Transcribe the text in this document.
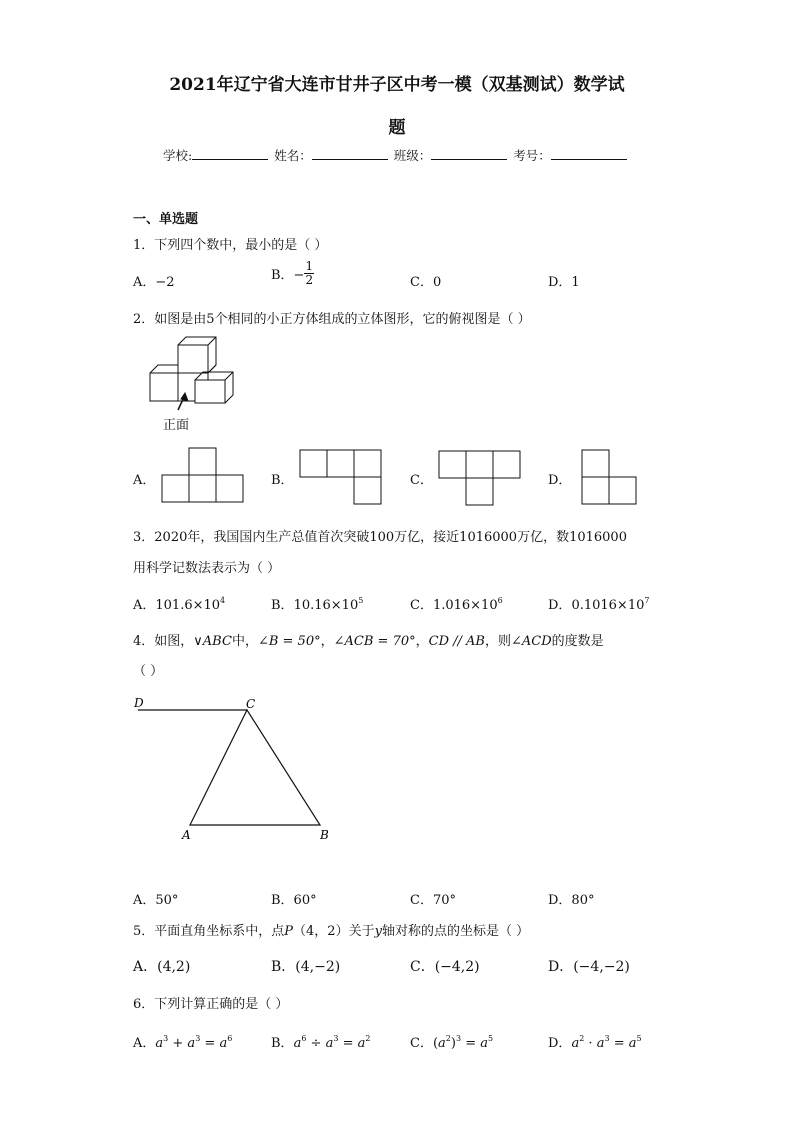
2021年辽宁省大连市甘井子区中考一模（双基测试）数学试
题
学校:	姓名：	班级：	考号：
一、单选题
1．下列四个数中，最小的是（ ）
A．−2	B．− $\frac{1}{2}$	C．0	D．1
2．如图是由5个相同的小正方体组成的立体图形，它的俯视图是（ ）
正面
A．	B．	C．	D．
3．2020年，我国国内生产总值首次突破100万亿，接近1016000万亿，数1016000
用科学记数法表示为（ ）
A．$101.6\times 10^4$	B．$10.16\times 10^5$	C．$1.016\times 10^6$	D．$0.1016\times 10^7$
4．如图，∨ABC中，∠B = 50°，∠ACB = 70°，CD // AB，则∠ACD的度数是
（ ）
D	C
A	B
A．50°	B．60°	C．70°	D．80°
5．平面直角坐标系中，点P（4，2）关于y轴对称的点的坐标是（ ）
A．(4,2)	B．(4,−2)	C．(−4,2)	D．(−4,−2)
6．下列计算正确的是（ ）
A．$a^3 + a^3 = a^6$	B．$a^6 \div a^3 = a^2$	C．$(a^2)^3 = a^5$	D．$a^2 \cdot a^3 = a^5$
